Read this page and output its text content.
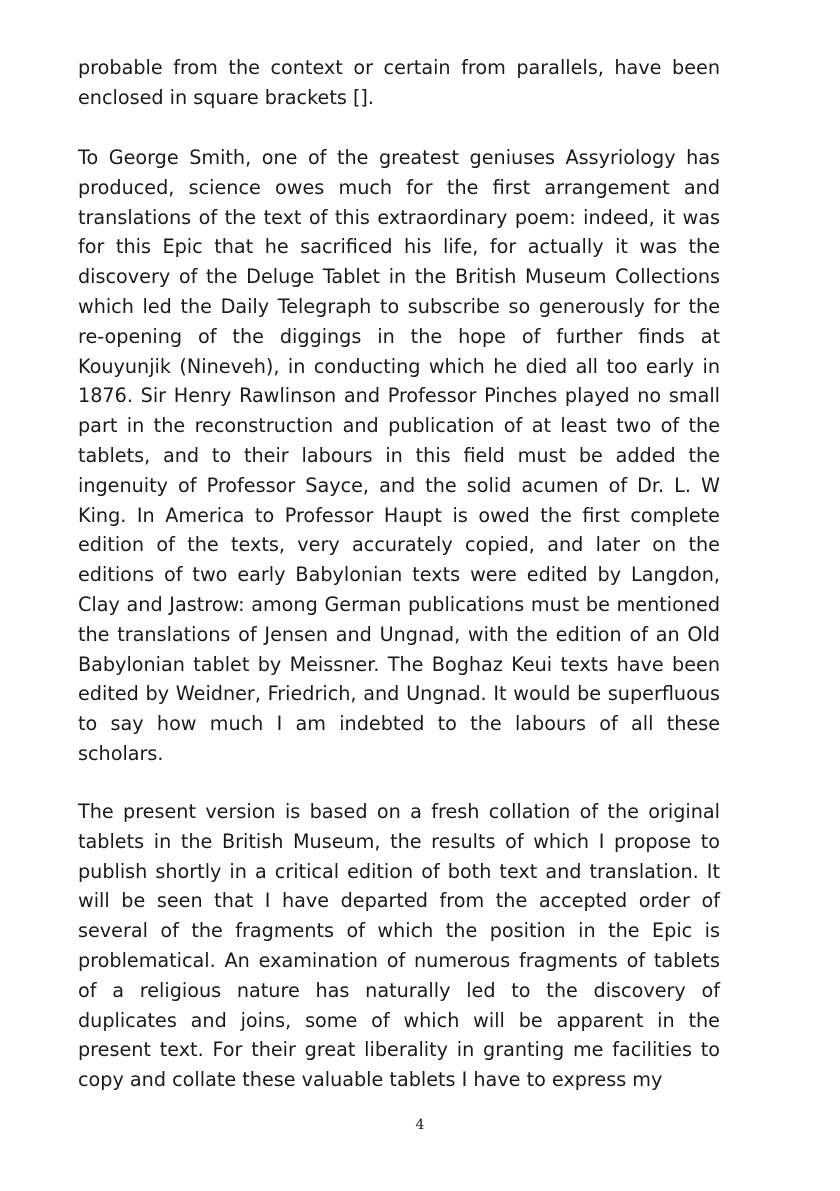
probable from the context or certain from parallels, have been enclosed in square brackets [].

To George Smith, one of the greatest geniuses Assyriology has produced, science owes much for the first arrangement and translations of the text of this extraordinary poem: indeed, it was for this Epic that he sacrificed his life, for actually it was the discovery of the Deluge Tablet in the British Museum Collections which led the Daily Telegraph to subscribe so generously for the re-opening of the diggings in the hope of further finds at Kouyunjik (Nineveh), in conducting which he died all too early in 1876. Sir Henry Rawlinson and Professor Pinches played no small part in the reconstruction and publication of at least two of the tablets, and to their labours in this field must be added the ingenuity of Professor Sayce, and the solid acumen of Dr. L. W King. In America to Professor Haupt is owed the first complete edition of the texts, very accurately copied, and later on the editions of two early Babylonian texts were edited by Langdon, Clay and Jastrow: among German publications must be mentioned the translations of Jensen and Ungnad, with the edition of an Old Babylonian tablet by Meissner. The Boghaz Keui texts have been edited by Weidner, Friedrich, and Ungnad. It would be superfluous to say how much I am indebted to the labours of all these scholars.

The present version is based on a fresh collation of the original tablets in the British Museum, the results of which I propose to publish shortly in a critical edition of both text and translation. It will be seen that I have departed from the accepted order of several of the fragments of which the position in the Epic is problematical. An examination of numerous fragments of tablets of a religious nature has naturally led to the discovery of duplicates and joins, some of which will be apparent in the present text. For their great liberality in granting me facilities to copy and collate these valuable tablets I have to express my

4
